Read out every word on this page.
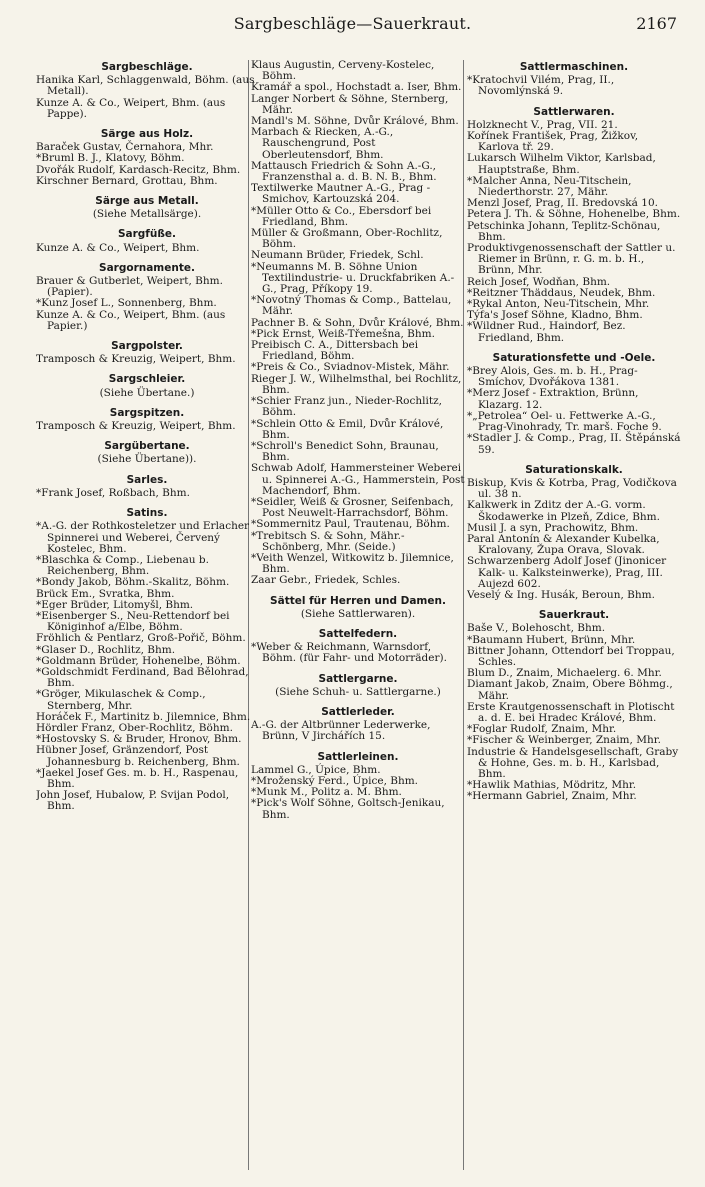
Sargbeschläge—Sauerkraut.	2167
Sargbeschläge.
Hanika Karl, Schlaggenwald, Böhm. (aus Metall).
Kunze A. & Co., Weipert, Bhm. (aus Pappe).
Särge aus Holz.
Baraček Gustav, Černahora, Mhr.
*Bruml B. J., Klatovy, Böhm.
Dvořák Rudolf, Kardasch-Recitz, Bhm.
Kirschner Bernard, Grottau, Bhm.
Särge aus Metall.
(Siehe Metallsärge).
Sargfüße.
Kunze A. & Co., Weipert, Bhm.
Sargornamente.
Brauer & Gutberlet, Weipert, Bhm. (Papier).
*Kunz Josef L., Sonnenberg, Bhm.
Kunze A. & Co., Weipert, Bhm. (aus Papier.)
Sargpolster.
Tramposch & Kreuzig, Weipert, Bhm.
Sargschleier.
(Siehe Übertane.)
Sargspitzen.
Tramposch & Kreuzig, Weipert, Bhm.
Sargübertane.
(Siehe Übertane)).
Sarles.
*Frank Josef, Roßbach, Bhm.
Satins.
*A.-G. der Rothkosteletzer und Erlacher Spinnerei und Weberei, Červený Kostelec, Bhm.
*Blaschka & Comp., Liebenau b. Reichenberg, Bhm.
*Bondy Jakob, Böhm.-Skalitz, Böhm.
Brück Em., Svratka, Bhm.
*Eger Brüder, Litomyšl, Bhm.
*Eisenberger S., Neu-Rettendorf bei Königinhof a/Elbe, Böhm.
Fröhlich & Pentlarz, Groß-Pořič, Böhm.
*Glaser D., Rochlitz, Bhm.
*Goldmann Brüder, Hohenelbe, Böhm.
*Goldschmidt Ferdinand, Bad Bělohrad, Bhm.
*Gröger, Mikulaschek & Comp., Sternberg, Mhr.
Horáček F., Martinitz b. Jilemnice, Bhm.
Hördler Franz, Ober-Rochlitz, Böhm.
*Hostovsky S. & Bruder, Hronov, Bhm.
Hübner Josef, Gränzendorf, Post Johannesburg b. Reichenberg, Bhm.
*Jaekel Josef Ges. m. b. H., Raspenau, Bhm.
John Josef, Hubalow, P. Svijan Podol, Bhm.
Klaus Augustin, Červeny-Kostelec, Böhm.
Kramář a spol., Hochstadt a. Iser, Bhm.
Langer Norbert & Söhne, Sternberg, Mähr.
Mandl's M. Söhne, Dvůr Králové, Bhm.
Marbach & Riecken, A.-G., Rauschengrund, Post Oberleutensdorf, Bhm.
Mattausch Friedrich & Sohn A.-G., Franzensthal a. d. B. N. B., Bhm.
Textilwerke Mautner A.-G., Prag - Smichov, Kartouzská 204.
*Müller Otto & Co., Ebersdorf bei Friedland, Bhm.
Müller & Großmann, Ober-Rochlitz, Böhm.
Neumann Brüder, Friedek, Schl.
*Neumanns M. B. Söhne Union Textilindustrie- u. Druckfabriken A.-G., Prag, Příkopy 19.
*Novotný Thomas & Comp., Battelau, Mähr.
Pachner B. & Sohn, Dvůr Králové, Bhm.
*Pick Ernst, Weiß-Třemešna, Bhm.
Preibisch C. A., Dittersbach bei Friedland, Böhm.
*Preis & Co., Sviadnov-Mistek, Mähr.
Rieger J. W., Wilhelmsthal, bei Rochlitz, Bhm.
*Schier Franz jun., Nieder-Rochlitz, Böhm.
*Schlein Otto & Emil, Dvůr Králové, Bhm.
*Schroll's Benedict Sohn, Braunau, Bhm.
Schwab Adolf, Hammersteiner Weberei u. Spinnerei A.-G., Hammerstein, Post Machendorf, Bhm.
*Seidler, Weiß & Grosner, Seifenbach, Post Neuwelt-Harrachsdorf, Böhm.
*Sommernitz Paul, Trautenau, Böhm.
*Trebitsch S. & Sohn, Mähr.-Schönberg, Mhr. (Seide.)
*Veith Wenzel, Witkowitz b. Jilemnice, Bhm.
Zaar Gebr., Friedek, Schles.
Sättel für Herren und Damen.
(Siehe Sattlerwaren).
Sattelfedern.
*Weber & Reichmann, Warnsdorf, Böhm. (für Fahr- und Motorräder).
Sattlergarne.
(Siehe Schuh- u. Sattlergarne.)
Sattlerleder.
A.-G. der Altbrünner Lederwerke, Brünn, V Jirchářích 15.
Sattlerleinen.
Lammel G., Úpice, Bhm.
*Mroženský Ferd., Úpice, Bhm.
*Munk M., Politz a. M. Bhm.
*Pick's Wolf Söhne, Goltsch-Jenikau, Bhm.
Sattlermaschinen.
*Kratochvil Vilém, Prag, II., Novomlýnská 9.
Sattlerwaren.
Holzknecht V., Prag, VII. 21.
Kořínek František, Prag, Žižkov, Karlova tř. 29.
Lukarsch Wilhelm Viktor, Karlsbad, Hauptstraße, Bhm.
*Malcher Anna, Neu-Titschein, Niederthorstr. 27, Mähr.
Menzl Josef, Prag, II. Bredovská 10.
Petera J. Th. & Söhne, Hohenelbe, Bhm.
Petschinka Johann, Teplitz-Schönau, Bhm.
Produktivgenossenschaft der Sattler u. Riemer in Brünn, r. G. m. b. H., Brünn, Mhr.
Reich Josef, Wodňan, Bhm.
*Reitzner Thäddaus, Neudek, Bhm.
*Rykal Anton, Neu-Titschein, Mhr.
Týfa's Josef Söhne, Kladno, Bhm.
*Wildner Rud., Haindorf, Bez. Friedland, Bhm.
Saturationsfette und -Oele.
*Brey Alois, Ges. m. b. H., Prag-Smíchov, Dvořákova 1381.
*Merz Josef - Extraktion, Brünn, Klazarg. 12.
*„Petrolea“ Oel- u. Fettwerke A.-G., Prag-Vinohrady, Tr. marš. Foche 9.
*Stadler J. & Comp., Prag, II. Štěpánská 59.
Saturationskalk.
Biskup, Kvis & Kotrba, Prag, Vodičkova ul. 38 n.
Kalkwerk in Zditz der A.-G. vorm. Škodawerke in Plzeň, Zdice, Bhm.
Musil J. a syn, Prachowitz, Bhm.
Paral Antonín & Alexander Kubelka, Kralovany, Župa Orava, Slovak.
Schwarzenberg Adolf Josef (Jinonicer Kalk- u. Kalksteinwerke), Prag, III. Aujezd 602.
Veselý & Ing. Husák, Beroun, Bhm.
Sauerkraut.
Baše V., Bolehoscht, Bhm.
*Baumann Hubert, Brünn, Mhr.
Bittner Johann, Ottendorf bei Troppau, Schles.
Blum D., Znaim, Michaelerg. 6. Mhr.
Diamant Jakob, Znaim, Obere Böhmg., Mähr.
Erste Krautgenossenschaft in Plotischt a. d. E. bei Hradec Králové, Bhm.
*Foglar Rudolf, Znaim, Mhr.
*Fischer & Weinberger, Znaim, Mhr.
Industrie & Handelsgesellschaft, Graby & Hohne, Ges. m. b. H., Karlsbad, Bhm.
*Hawlik Mathias, Mödritz, Mhr.
*Hermann Gabriel, Znaim, Mhr.
